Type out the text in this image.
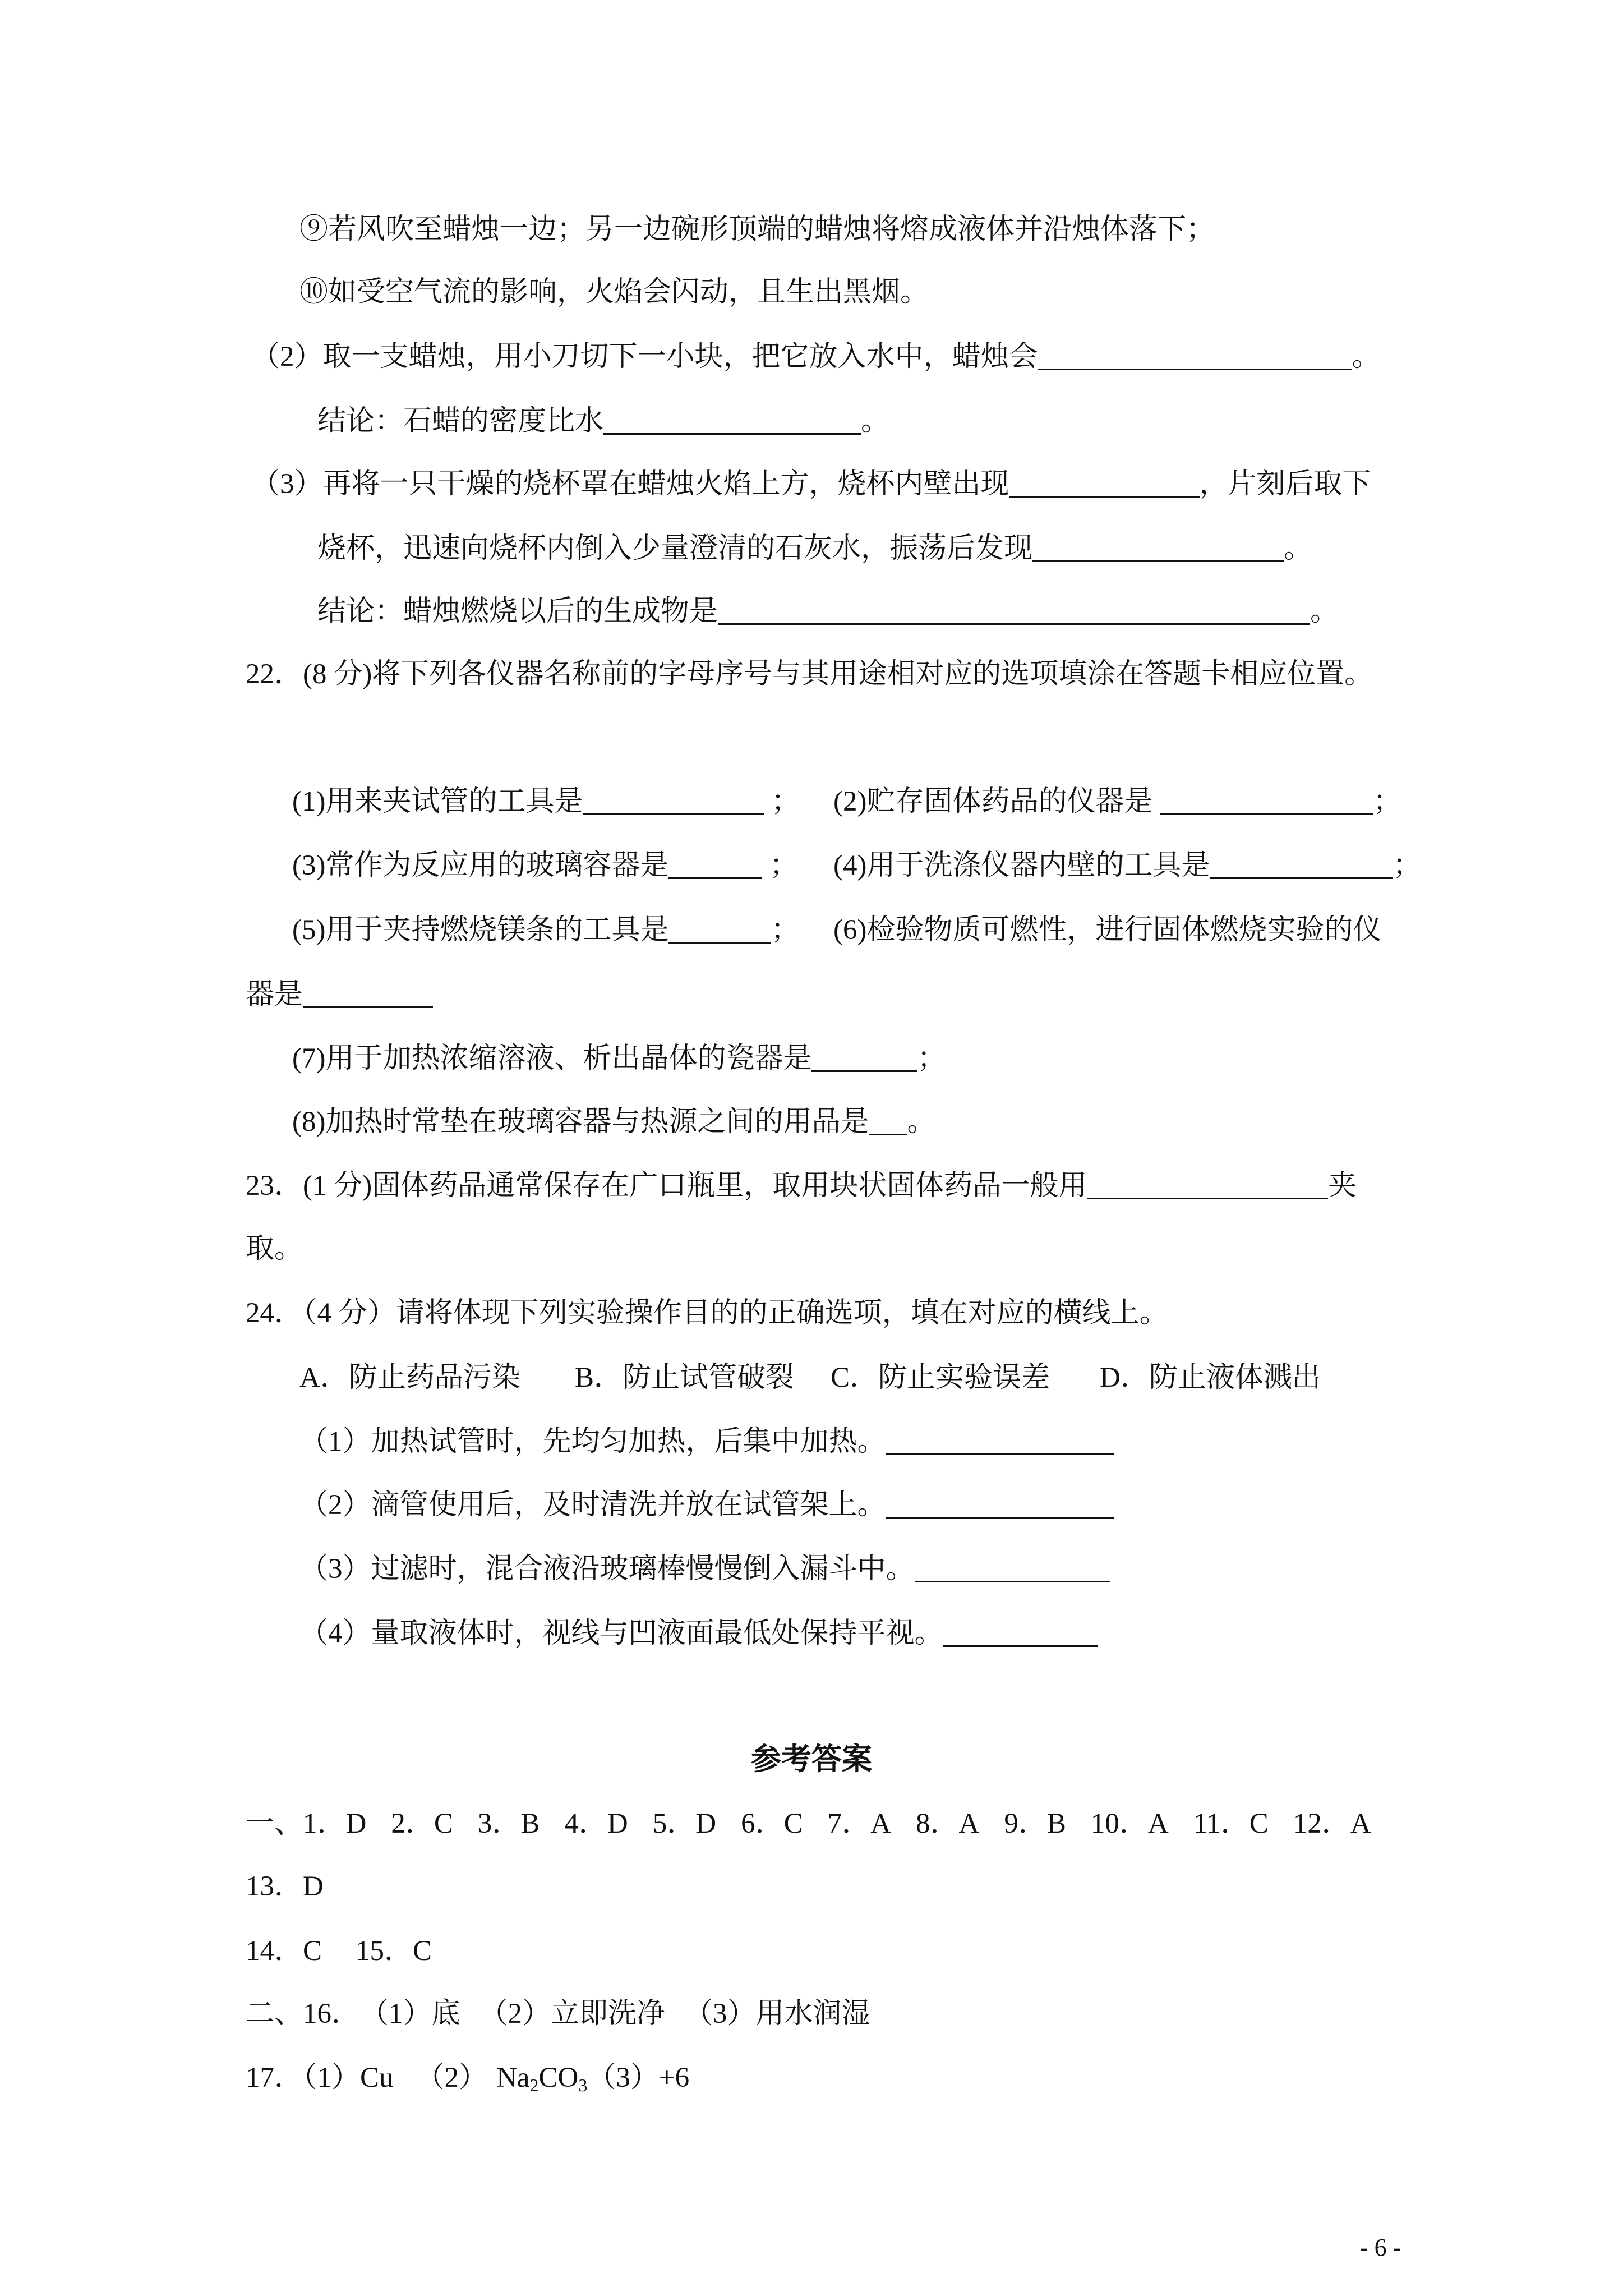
⑨若风吹至蜡烛一边；另一边碗形顶端的蜡烛将熔成液体并沿烛体落下；
⑩如受空气流的影响，火焰会闪动，且生出黑烟。
（2）取一支蜡烛，用小刀切下一小块，把它放入水中，蜡烛会	。
结论：石蜡的密度比水	。
（3）再将一只干燥的烧杯罩在蜡烛火焰上方，烧杯内壁出现	，片刻后取下
烧杯，迅速向烧杯内倒入少量澄清的石灰水，振荡后发现	。
结论：蜡烛燃烧以后的生成物是	。
22．(8 分)将下列各仪器名称前的字母序号与其用途相对应的选项填涂在答题卡相应位置。
(1)用来夹试管的工具是	； (2)贮存固体药品的仪器是	；
(3)常作为反应用的玻璃容器是	； (4)用于洗涤仪器内壁的工具是	；
(5)用于夹持燃烧镁条的工具是	； (6)检验物质可燃性，进行固体燃烧实验的仪
器是
(7)用于加热浓缩溶液、析出晶体的瓷器是	；
(8)加热时常垫在玻璃容器与热源之间的用品是 。
23．(1 分)固体药品通常保存在广口瓶里，取用块状固体药品一般用	夹
取。
24．（4 分）请将体现下列实验操作目的的正确选项，填在对应的横线上。
A．防止药品污染 B．防止试管破裂 C．防止实验误差 D．防止液体溅出
（1）加热试管时，先均匀加热，后集中加热。
（2）滴管使用后，及时清洗并放在试管架上。
（3）过滤时，混合液沿玻璃棒慢慢倒入漏斗中。
（4）量取液体时，视线与凹液面最低处保持平视。
参考答案
一、 1．D 2．C 3．B 4．D 5．D 6．C 7．A 8．A 9．B 10．A 11．C 12．A
13．D
14．C 15．C
二、16． （1）底 （2）立即洗净 （3）用水润湿
17．（1）Cu （2） $Na_2CO_3(3)+6$
- 6 -
